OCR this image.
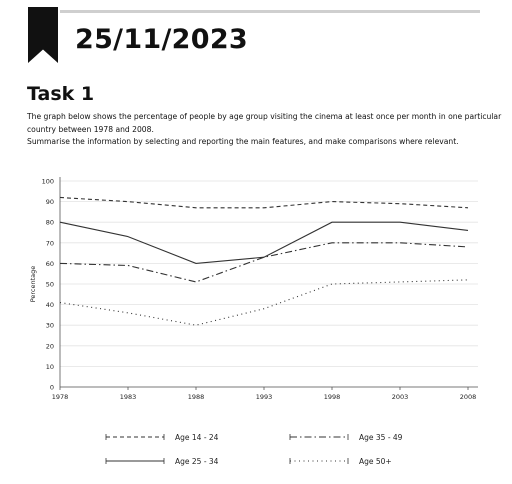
25/11/2023
Task 1

The graph below shows the percentage of people by age group visiting the cinema at least once per month in one particular country between 1978 and 2008.

Summarise the information by selecting and reporting the main features, and make comparisons where relevant.

0
10
20
30
40
50
60
70
80
90
100
1978	1983	1988	1993	1998	2003	2008
Percentage
Age 14 - 24
Age 25 - 34
Age 35 - 49
Age 50+
